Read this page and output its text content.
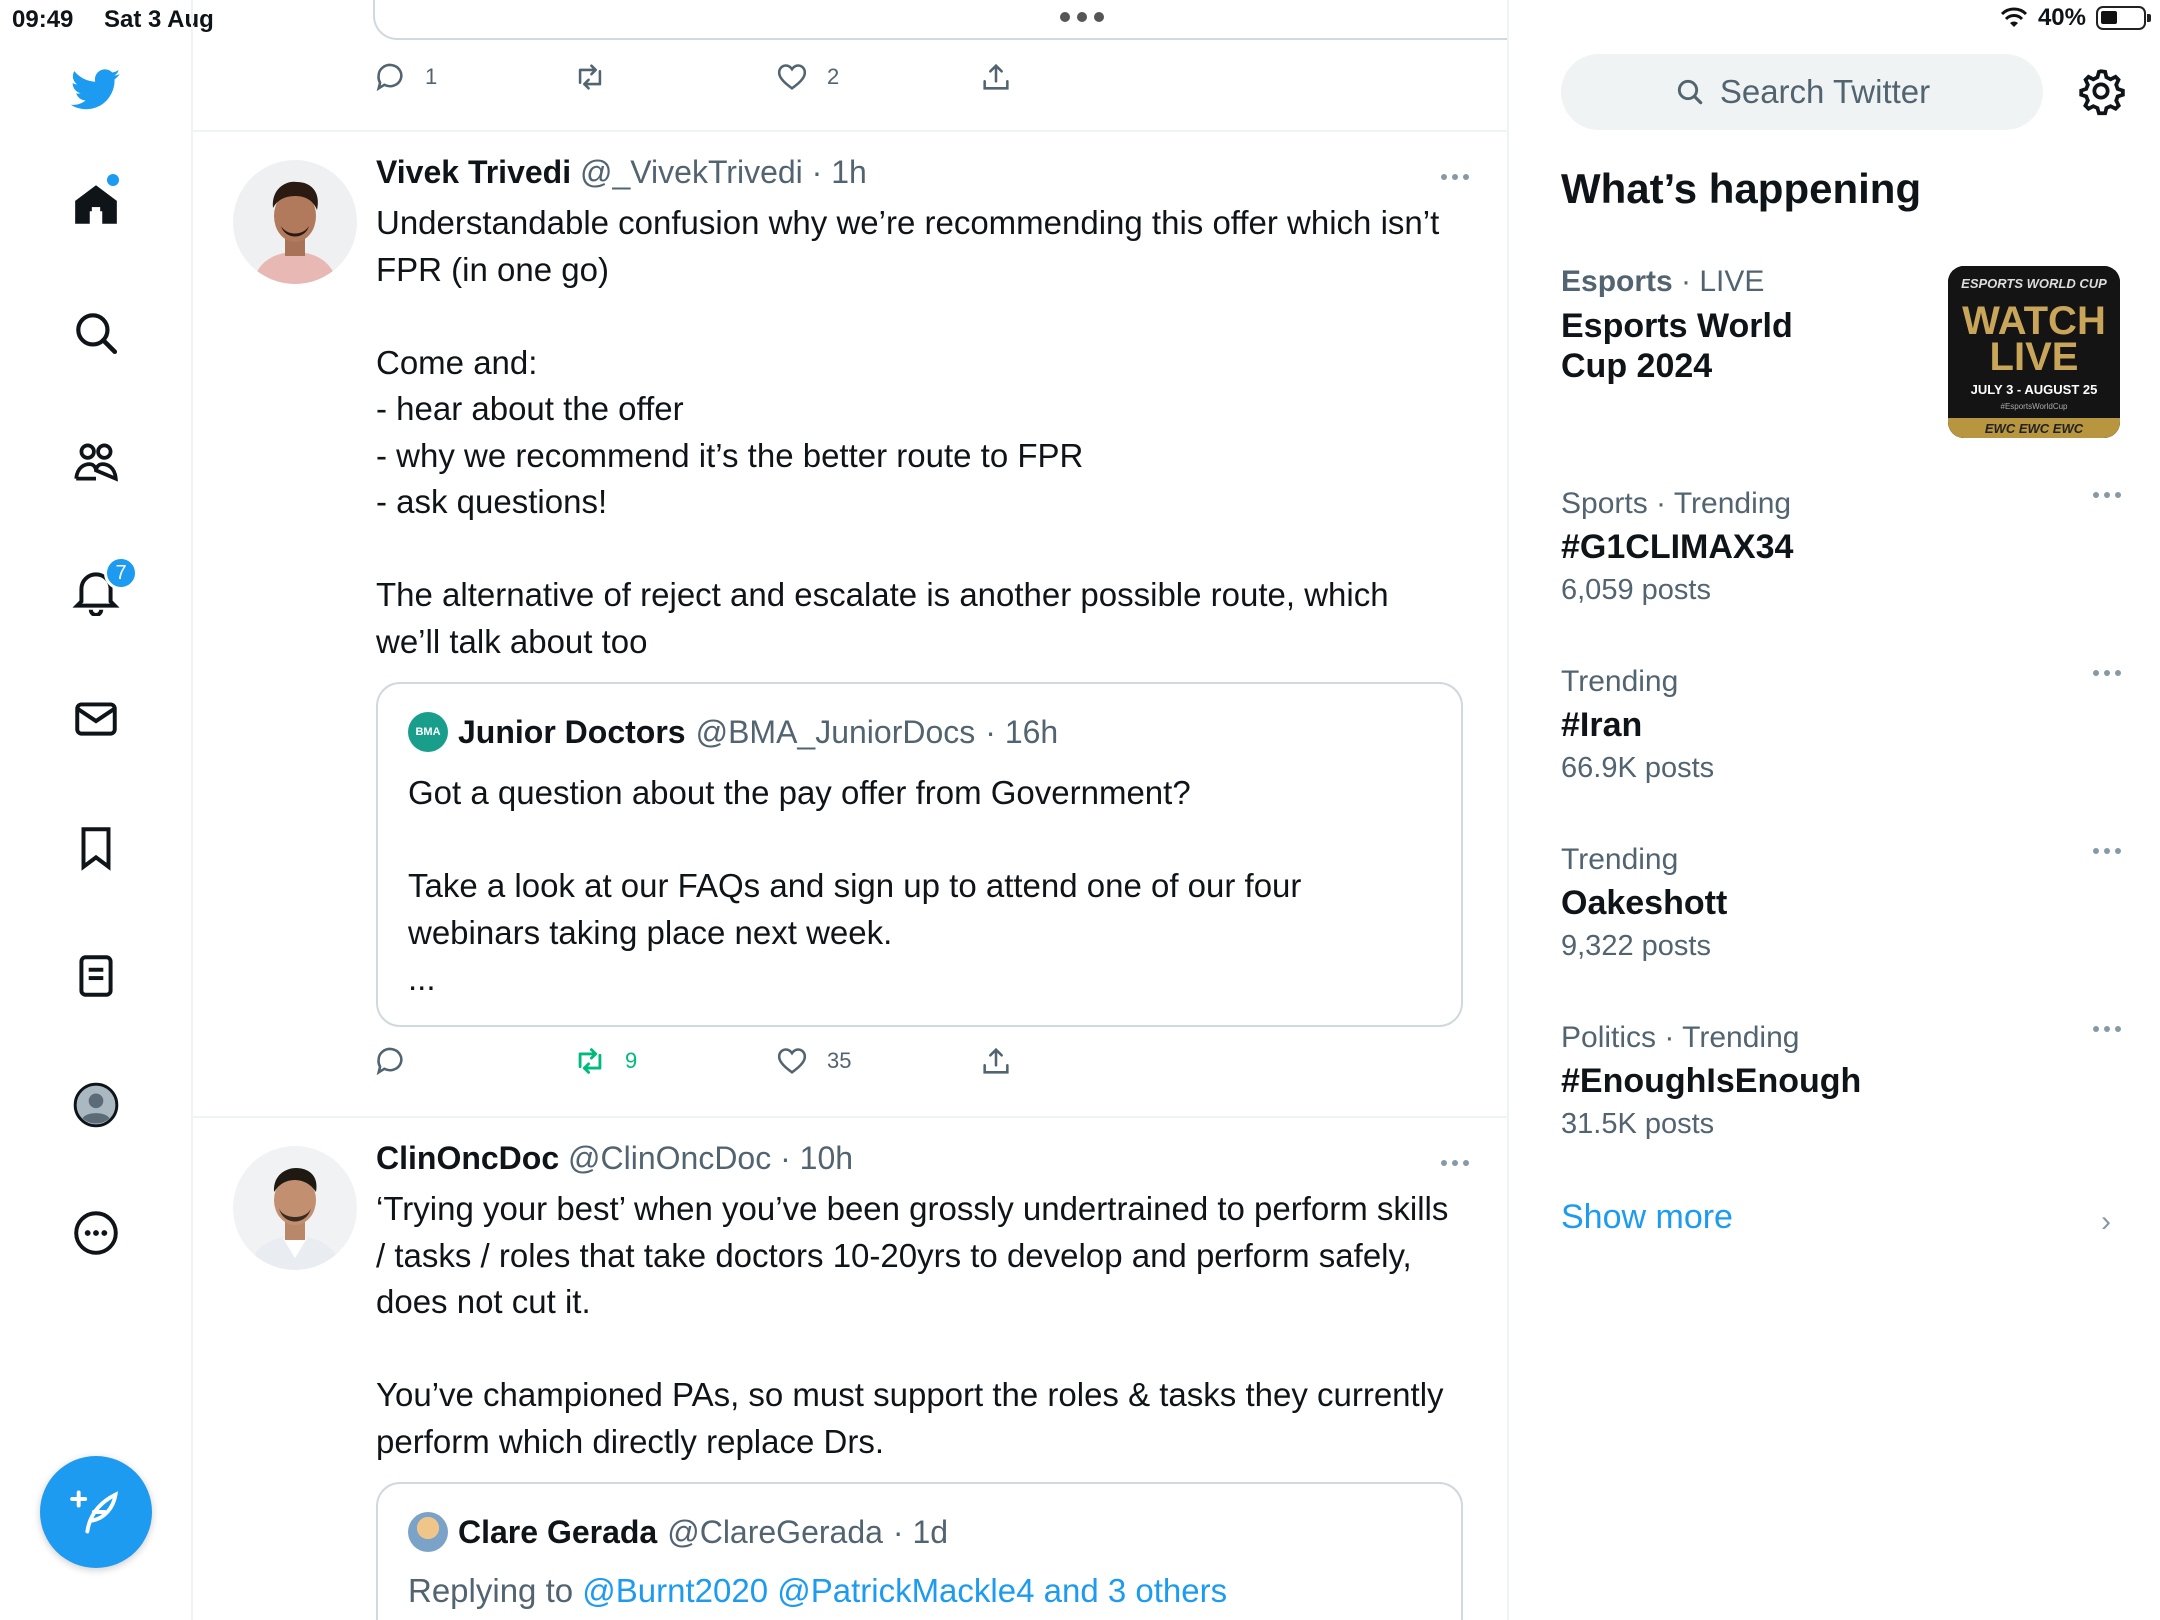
09:49 Sat 3 Aug	40%
7
1	2
Vivek Trivedi @_VivekTrivedi · 1h
Understandable confusion why we’re recommending this offer which isn’t FPR (in one go)

Come and:
- hear about the offer
- why we recommend it’s the better route to FPR
- ask questions!

The alternative of reject and escalate is another possible route, which we’ll talk about too
BMA Junior Doctors @BMA_JuniorDocs · 16h
Got a question about the pay offer from Government?

Take a look at our FAQs and sign up to attend one of our four webinars taking place next week.
...
9	35
ClinOncDoc @ClinOncDoc · 10h
‘Trying your best’ when you’ve been grossly undertrained to perform skills / tasks / roles that take doctors 10-20yrs to develop and perform safely, does not cut it.

You’ve championed PAs, so must support the roles & tasks they currently perform which directly replace Drs.
Clare Gerada @ClareGerada · 1d
Replying to @Burnt2020 @PatrickMackle4 and 3 others
Search Twitter
What’s happening
Esports · LIVE
Esports World Cup 2024
ESPORTS WORLD CUP
WATCH
LIVE
JULY 3 - AUGUST 25
#EsportsWorldCup
EWC EWC EWC
Sports · Trending
#G1CLIMAX34
6,059 posts
Trending
#Iran
66.9K posts
Trending
Oakeshott
9,322 posts
Politics · Trending
#EnoughIsEnough
31.5K posts
Show more	›
